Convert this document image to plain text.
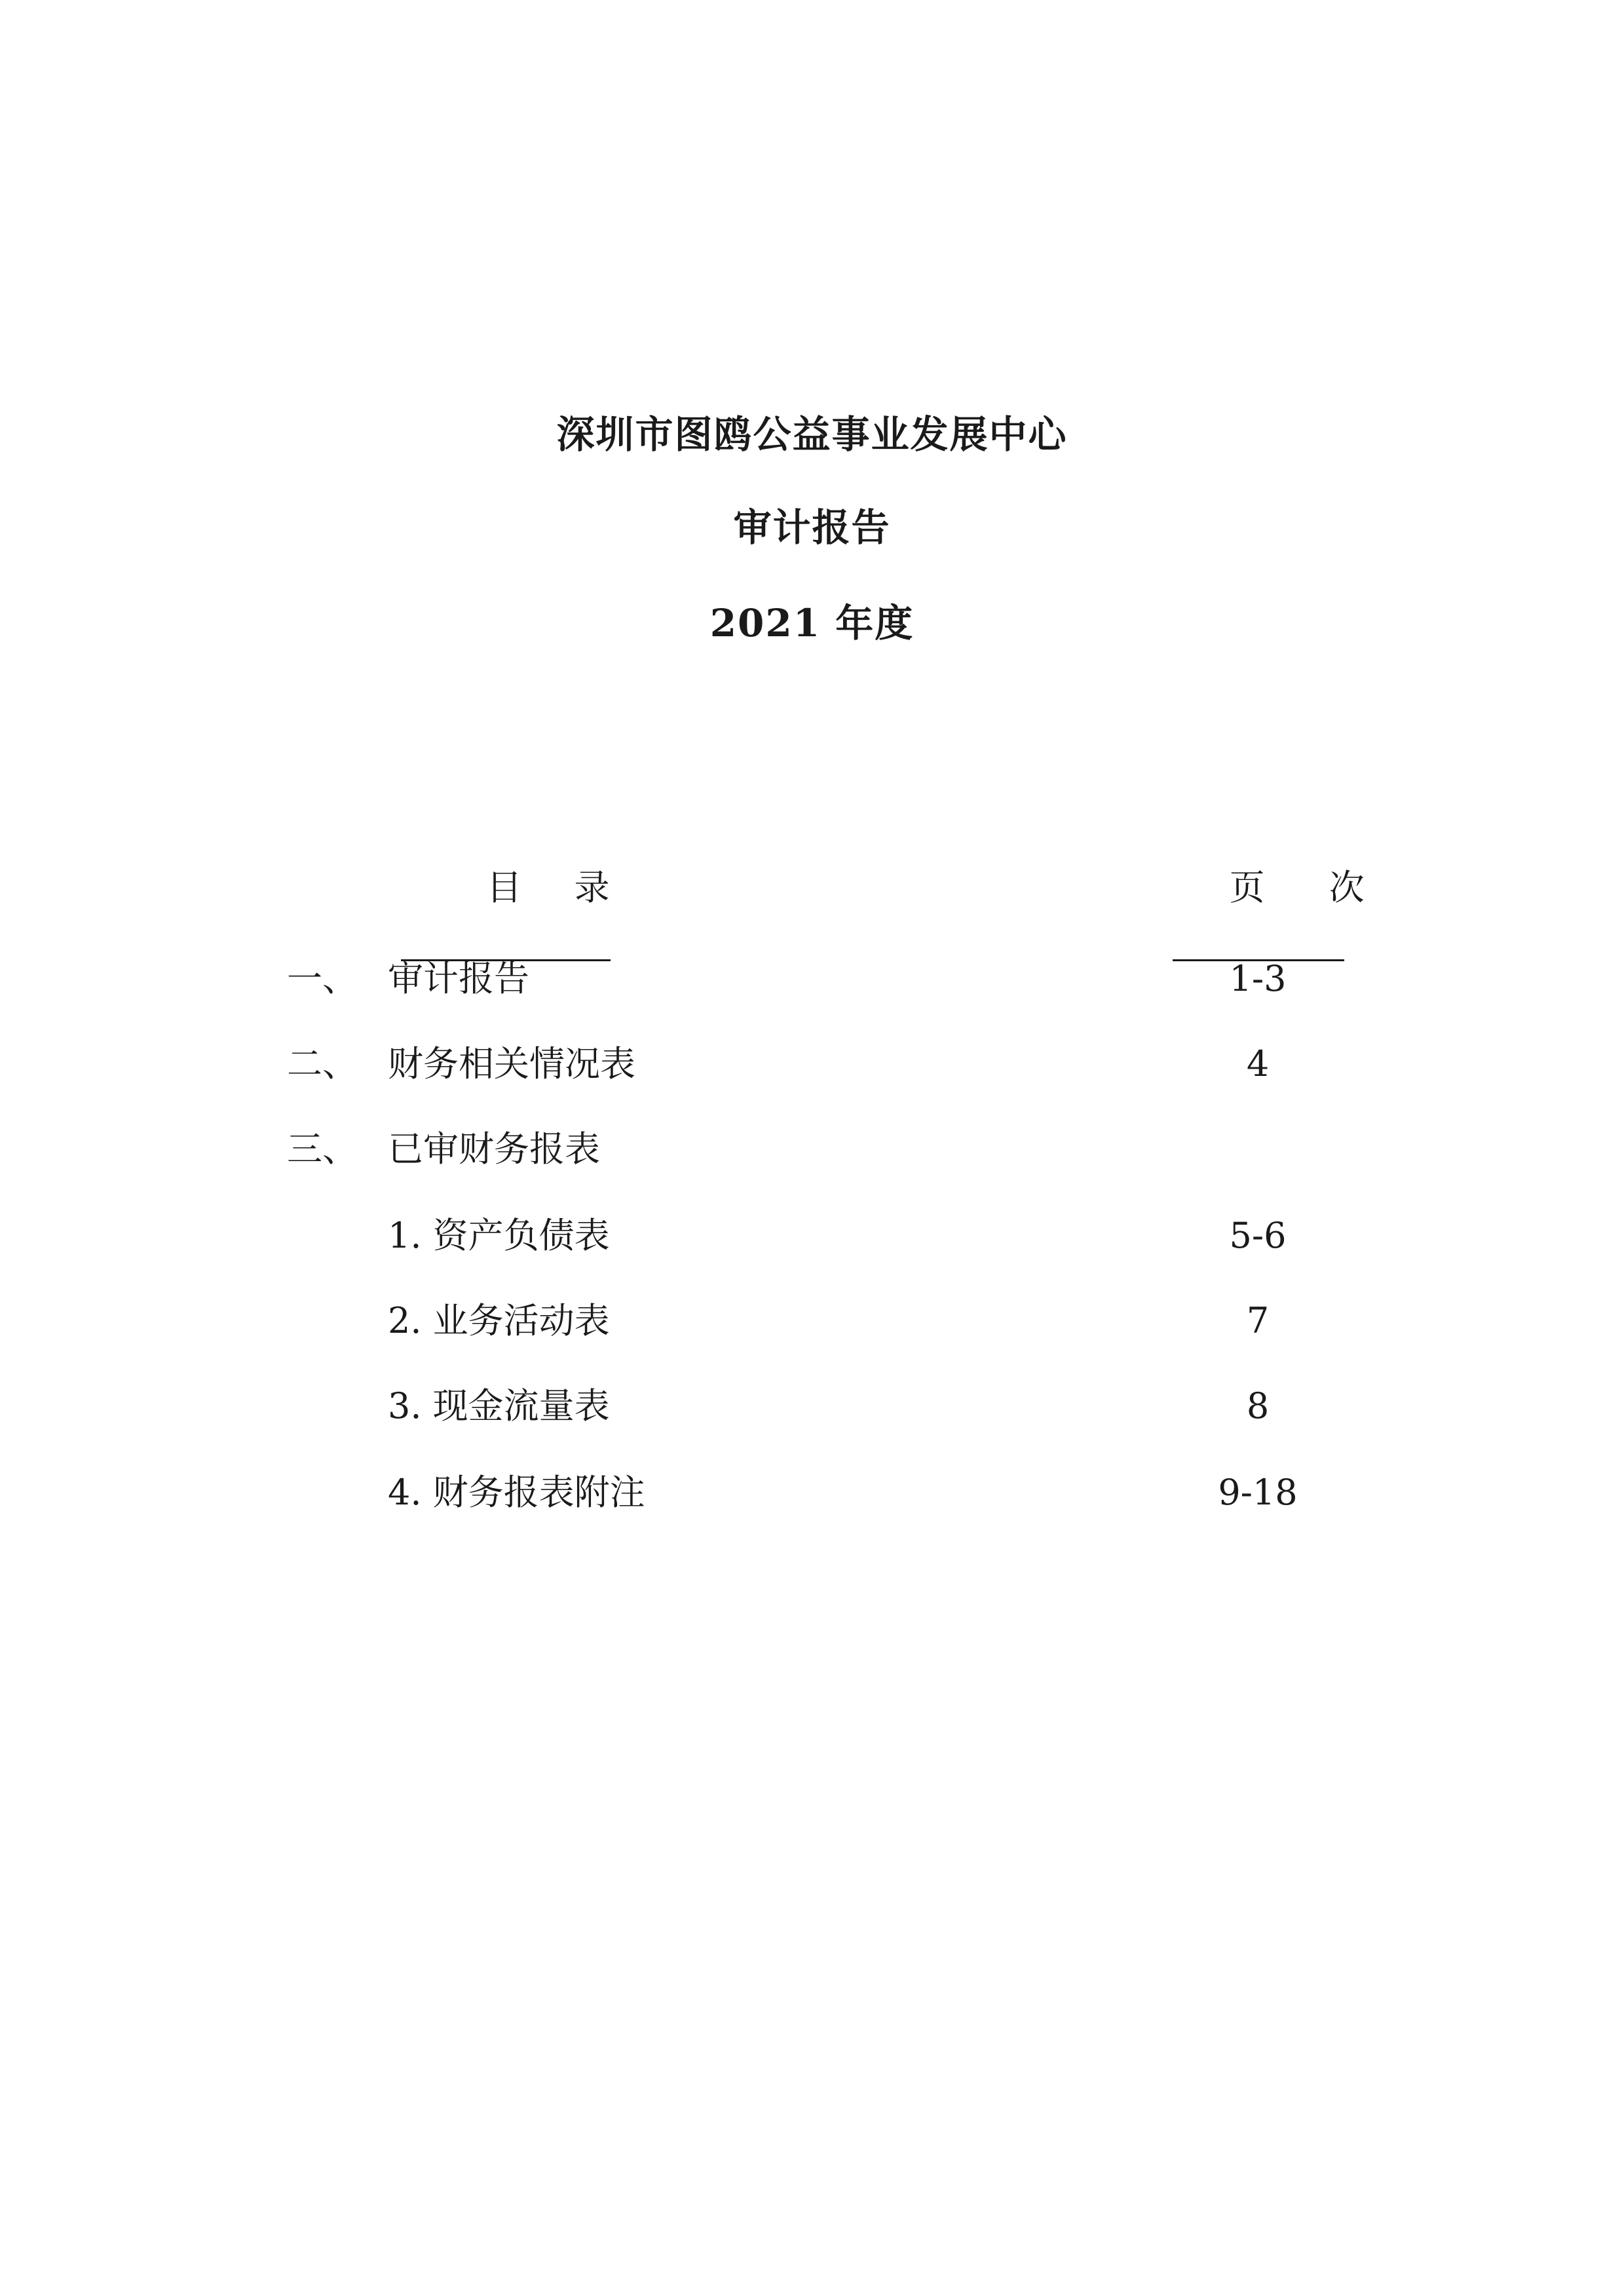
深圳市图鸥公益事业发展中心
审计报告
2021 年度

目 录
	页 次

一、 审计报告	1-3
二、 财务相关情况表	4
三、 已审财务报表
1. 资产负债表	5-6
2. 业务活动表	7
3. 现金流量表	8
4. 财务报表附注	9-18
